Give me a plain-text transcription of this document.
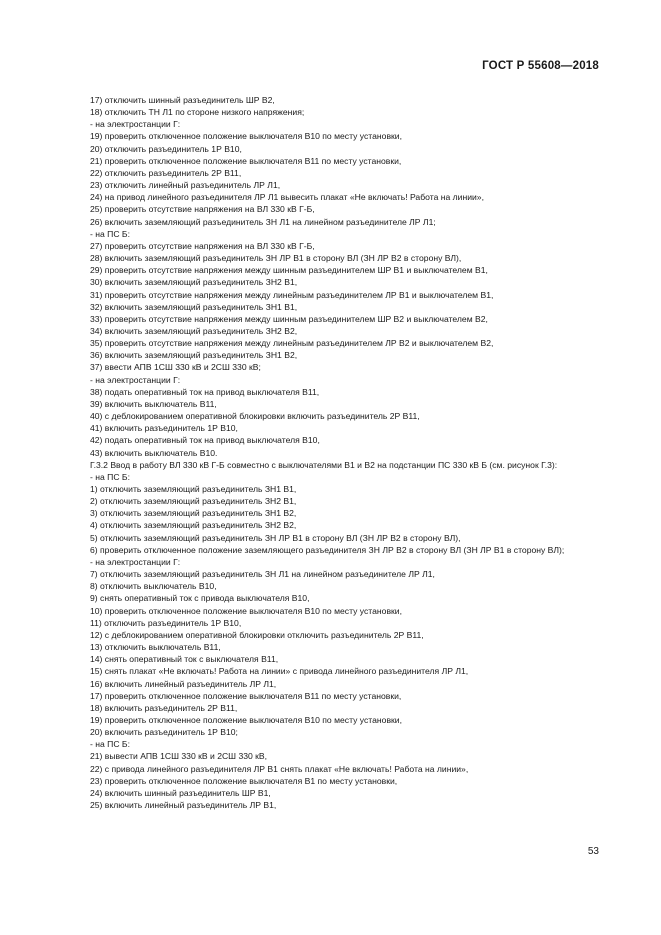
ГОСТ Р 55608—2018
17) отключить шинный разъединитель ШР В2,
18) отключить ТН Л1 по стороне низкого напряжения;
- на электростанции Г:
19) проверить отключенное положение выключателя В10 по месту установки,
20) отключить разъединитель 1Р В10,
21) проверить отключенное положение выключателя В11 по месту установки,
22) отключить разъединитель 2Р В11,
23) отключить линейный разъединитель ЛР Л1,
24) на привод линейного разъединителя ЛР Л1 вывесить плакат «Не включать! Работа на линии»,
25) проверить отсутствие напряжения на ВЛ 330 кВ Г-Б,
26) включить заземляющий разъединитель ЗН Л1 на линейном разъединителе ЛР Л1;
- на ПС Б:
27) проверить отсутствие напряжения на ВЛ 330 кВ Г-Б,
28) включить заземляющий разъединитель ЗН ЛР В1 в сторону ВЛ (ЗН ЛР В2 в сторону ВЛ),
29) проверить отсутствие напряжения между шинным разъединителем ШР В1 и выключателем В1,
30) включить заземляющий разъединитель ЗН2 В1,
31) проверить отсутствие напряжения между линейным разъединителем ЛР В1 и выключателем В1,
32) включить заземляющий разъединитель ЗН1 В1,
33) проверить отсутствие напряжения между шинным разъединителем ШР В2 и выключателем В2,
34) включить заземляющий разъединитель ЗН2 В2,
35) проверить отсутствие напряжения между линейным разъединителем ЛР В2 и выключателем В2,
36) включить заземляющий разъединитель ЗН1 В2,
37) ввести АПВ 1СШ 330 кВ и 2СШ 330 кВ;
- на электростанции Г:
38) подать оперативный ток на привод выключателя В11,
39) включить выключатель В11,
40) с деблокированием оперативной блокировки включить разъединитель 2Р В11,
41) включить разъединитель 1Р В10,
42) подать оперативный ток на привод выключателя В10,
43) включить выключатель В10.
Г.3.2 Ввод в работу ВЛ 330 кВ Г-Б совместно с выключателями В1 и В2 на подстанции ПС 330 кВ Б (см. рисунок Г.3):
- на ПС Б:
1) отключить заземляющий разъединитель ЗН1 В1,
2) отключить заземляющий разъединитель ЗН2 В1,
3) отключить заземляющий разъединитель ЗН1 В2,
4) отключить заземляющий разъединитель ЗН2 В2,
5) отключить заземляющий разъединитель ЗН ЛР В1 в сторону ВЛ (ЗН ЛР В2 в сторону ВЛ),
6) проверить отключенное положение заземляющего разъединителя ЗН ЛР В2 в сторону ВЛ (ЗН ЛР В1 в сторону ВЛ);
- на электростанции Г:
7) отключить заземляющий разъединитель ЗН Л1 на линейном разъединителе ЛР Л1,
8) отключить выключатель В10,
9) снять оперативный ток с привода выключателя В10,
10) проверить отключенное положение выключателя В10 по месту установки,
11) отключить разъединитель 1Р В10,
12) с деблокированием оперативной блокировки отключить разъединитель 2Р В11,
13) отключить выключатель В11,
14) снять оперативный ток с выключателя В11,
15) снять плакат «Не включать! Работа на линии» с привода линейного разъединителя ЛР Л1,
16) включить линейный разъединитель ЛР Л1,
17) проверить отключенное положение выключателя В11 по месту установки,
18) включить разъединитель 2Р В11,
19) проверить отключенное положение выключателя В10 по месту установки,
20) включить разъединитель 1Р В10;
- на ПС Б:
21) вывести АПВ 1СШ 330 кВ и 2СШ 330 кВ,
22) с привода линейного разъединителя ЛР В1 снять плакат «Не включать! Работа на линии»,
23) проверить отключенное положение выключателя В1 по месту установки,
24) включить шинный разъединитель ШР В1,
25) включить линейный разъединитель ЛР В1,
53
